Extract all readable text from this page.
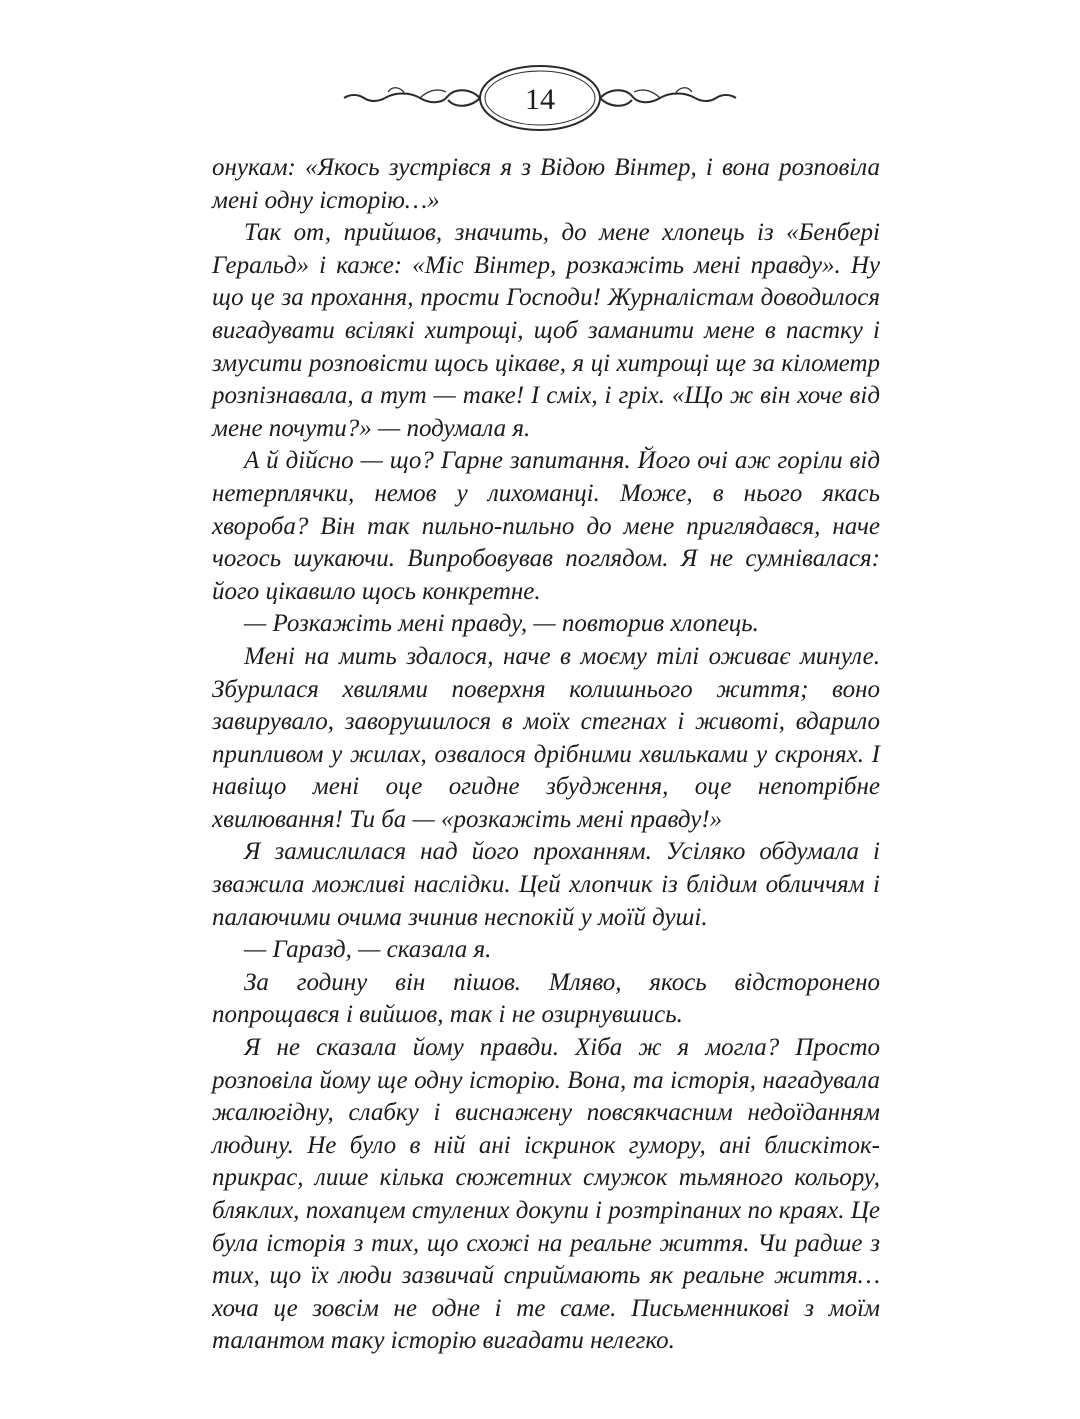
14

онукам: «Якось зустрівся я з Відою Вінтер, і вона розповіла мені одну історію…»

Так от, прийшов, значить, до мене хлопець із «Бенбері Геральд» і каже: «Міс Вінтер, розкажіть мені правду». Ну що це за прохання, прости Господи! Журналістам доводилося вигадувати всілякі хитрощі, щоб заманити мене в пастку і змусити розповісти щось цікаве, я ці хитрощі ще за кілометр розпізнавала, а тут — таке! І сміх, і гріх. «Що ж він хоче від мене почути?» — подумала я.

А й дійсно — що? Гарне запитання. Його очі аж горіли від нетерплячки, немов у лихоманці. Може, в нього якась хвороба? Він так пильно-пильно до мене приглядався, наче чогось шукаючи. Випробовував поглядом. Я не сумнівалася: його цікавило щось конкретне.

— Розкажіть мені правду, — повторив хлопець.

Мені на мить здалося, наче в моєму тілі оживає минуле. Збурилася хвилями поверхня колишнього життя; воно завирувало, заворушилося в моїх стегнах і животі, вдарило припливом у жилах, озвалося дрібними хвильками у скронях. І навіщо мені оце огидне збудження, оце непотрібне хвилювання! Ти ба — «розкажіть мені правду!»

Я замислилася над його проханням. Усіляко обдумала і зважила можливі наслідки. Цей хлопчик із блідим обличчям і палаючими очима зчинив неспокій у моїй душі.

— Гаразд, — сказала я.

За годину він пішов. Мляво, якось відсторонено попрощався і вийшов, так і не озирнувшись.

Я не сказала йому правди. Хіба ж я могла? Просто розповіла йому ще одну історію. Вона, та історія, нагадувала жалюгідну, слабку і виснажену повсякчасним недоїданням людину. Не було в ній ані іскринок гумору, ані блискіток-прикрас, лише кілька сюжетних смужок тьмяного кольору, бляклих, похапцем стулених докупи і розтріпаних по краях. Це була історія з тих, що схожі на реальне життя. Чи радше з тих, що їх люди зазвичай сприймають як реальне життя… хоча це зовсім не одне і те саме. Письменникові з моїм талантом таку історію вигадати нелегко.
